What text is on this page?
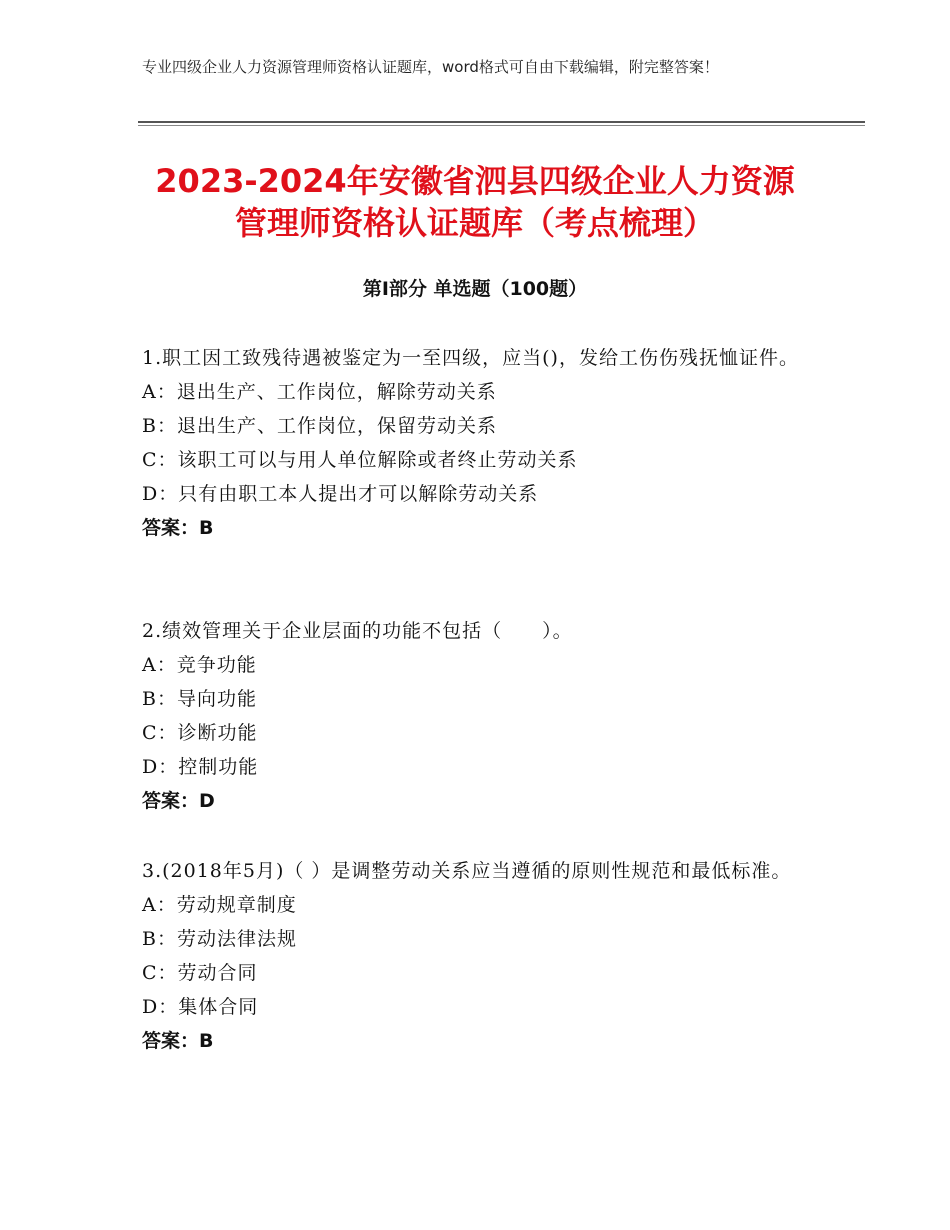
专业四级企业人力资源管理师资格认证题库，word格式可自由下载编辑，附完整答案！
2023-2024年安徽省泗县四级企业人力资源
管理师资格认证题库（考点梳理）
第Ⅰ部分 单选题（100题）
1.职工因工致残待遇被鉴定为一至四级，应当()，发给工伤伤残抚恤证件。
A：退出生产、工作岗位，解除劳动关系
B：退出生产、工作岗位，保留劳动关系
C：该职工可以与用人单位解除或者终止劳动关系
D：只有由职工本人提出才可以解除劳动关系
答案：B
2.绩效管理关于企业层面的功能不包括（　　）。
A：竞争功能
B：导向功能
C：诊断功能
D：控制功能
答案：D
3.(2018年5月)（ ）是调整劳动关系应当遵循的原则性规范和最低标准。
A：劳动规章制度
B：劳动法律法规
C：劳动合同
D：集体合同
答案：B
